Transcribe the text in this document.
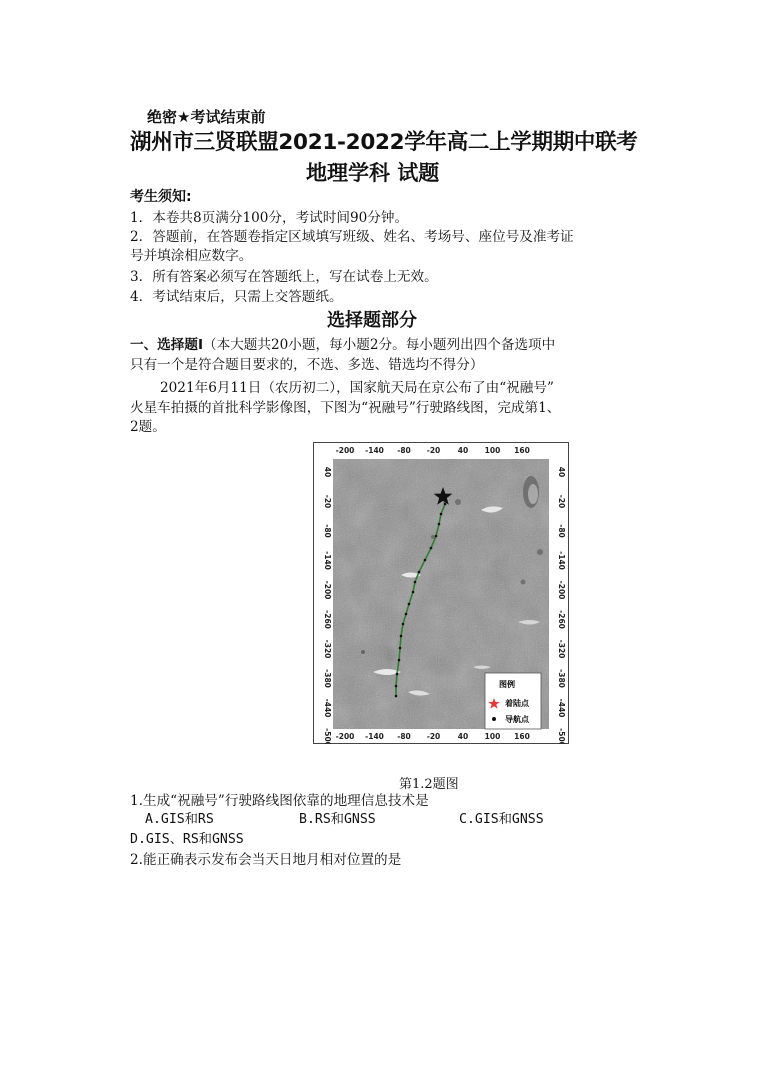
绝密★考试结束前
湖州市三贤联盟2021-2022学年高二上学期期中联考
地理学科 试题
考生须知:
1．本卷共8页满分100分，考试时间90分钟。
2．答题前，在答题卷指定区域填写班级、姓名、考场号、座位号及准考证
号并填涂相应数字。
3．所有答案必须写在答题纸上，写在试卷上无效。
4．考试结束后，只需上交答题纸。
选择题部分
一、选择题Ⅰ（本大题共20小题，每小题2分。每小题列出四个备选项中
只有一个是符合题目要求的，不选、多选、错选均不得分）
2021年6月11日（农历初二），国家航天局在京公布了由“祝融号”
火星车拍摄的首批科学影像图，下图为“祝融号”行驶路线图，完成第1、
2题。
-200 -140 -80 -20 40 100 160
-200 -140 -80 -20 40 100 160
40
-20
-80
-140
-200
-260
-320
-380
-440
-500
40
-20
-80
-140
-200
-260
-320
-380
-440
-500
图例
着陆点
导航点
第1.2题图
1.生成“祝融号”行驶路线图依靠的地理信息技术是
A.GIS和RS	B.RS和GNSS	C.GIS和GNSS
D.GIS、RS和GNSS
2.能正确表示发布会当天日地月相对位置的是
